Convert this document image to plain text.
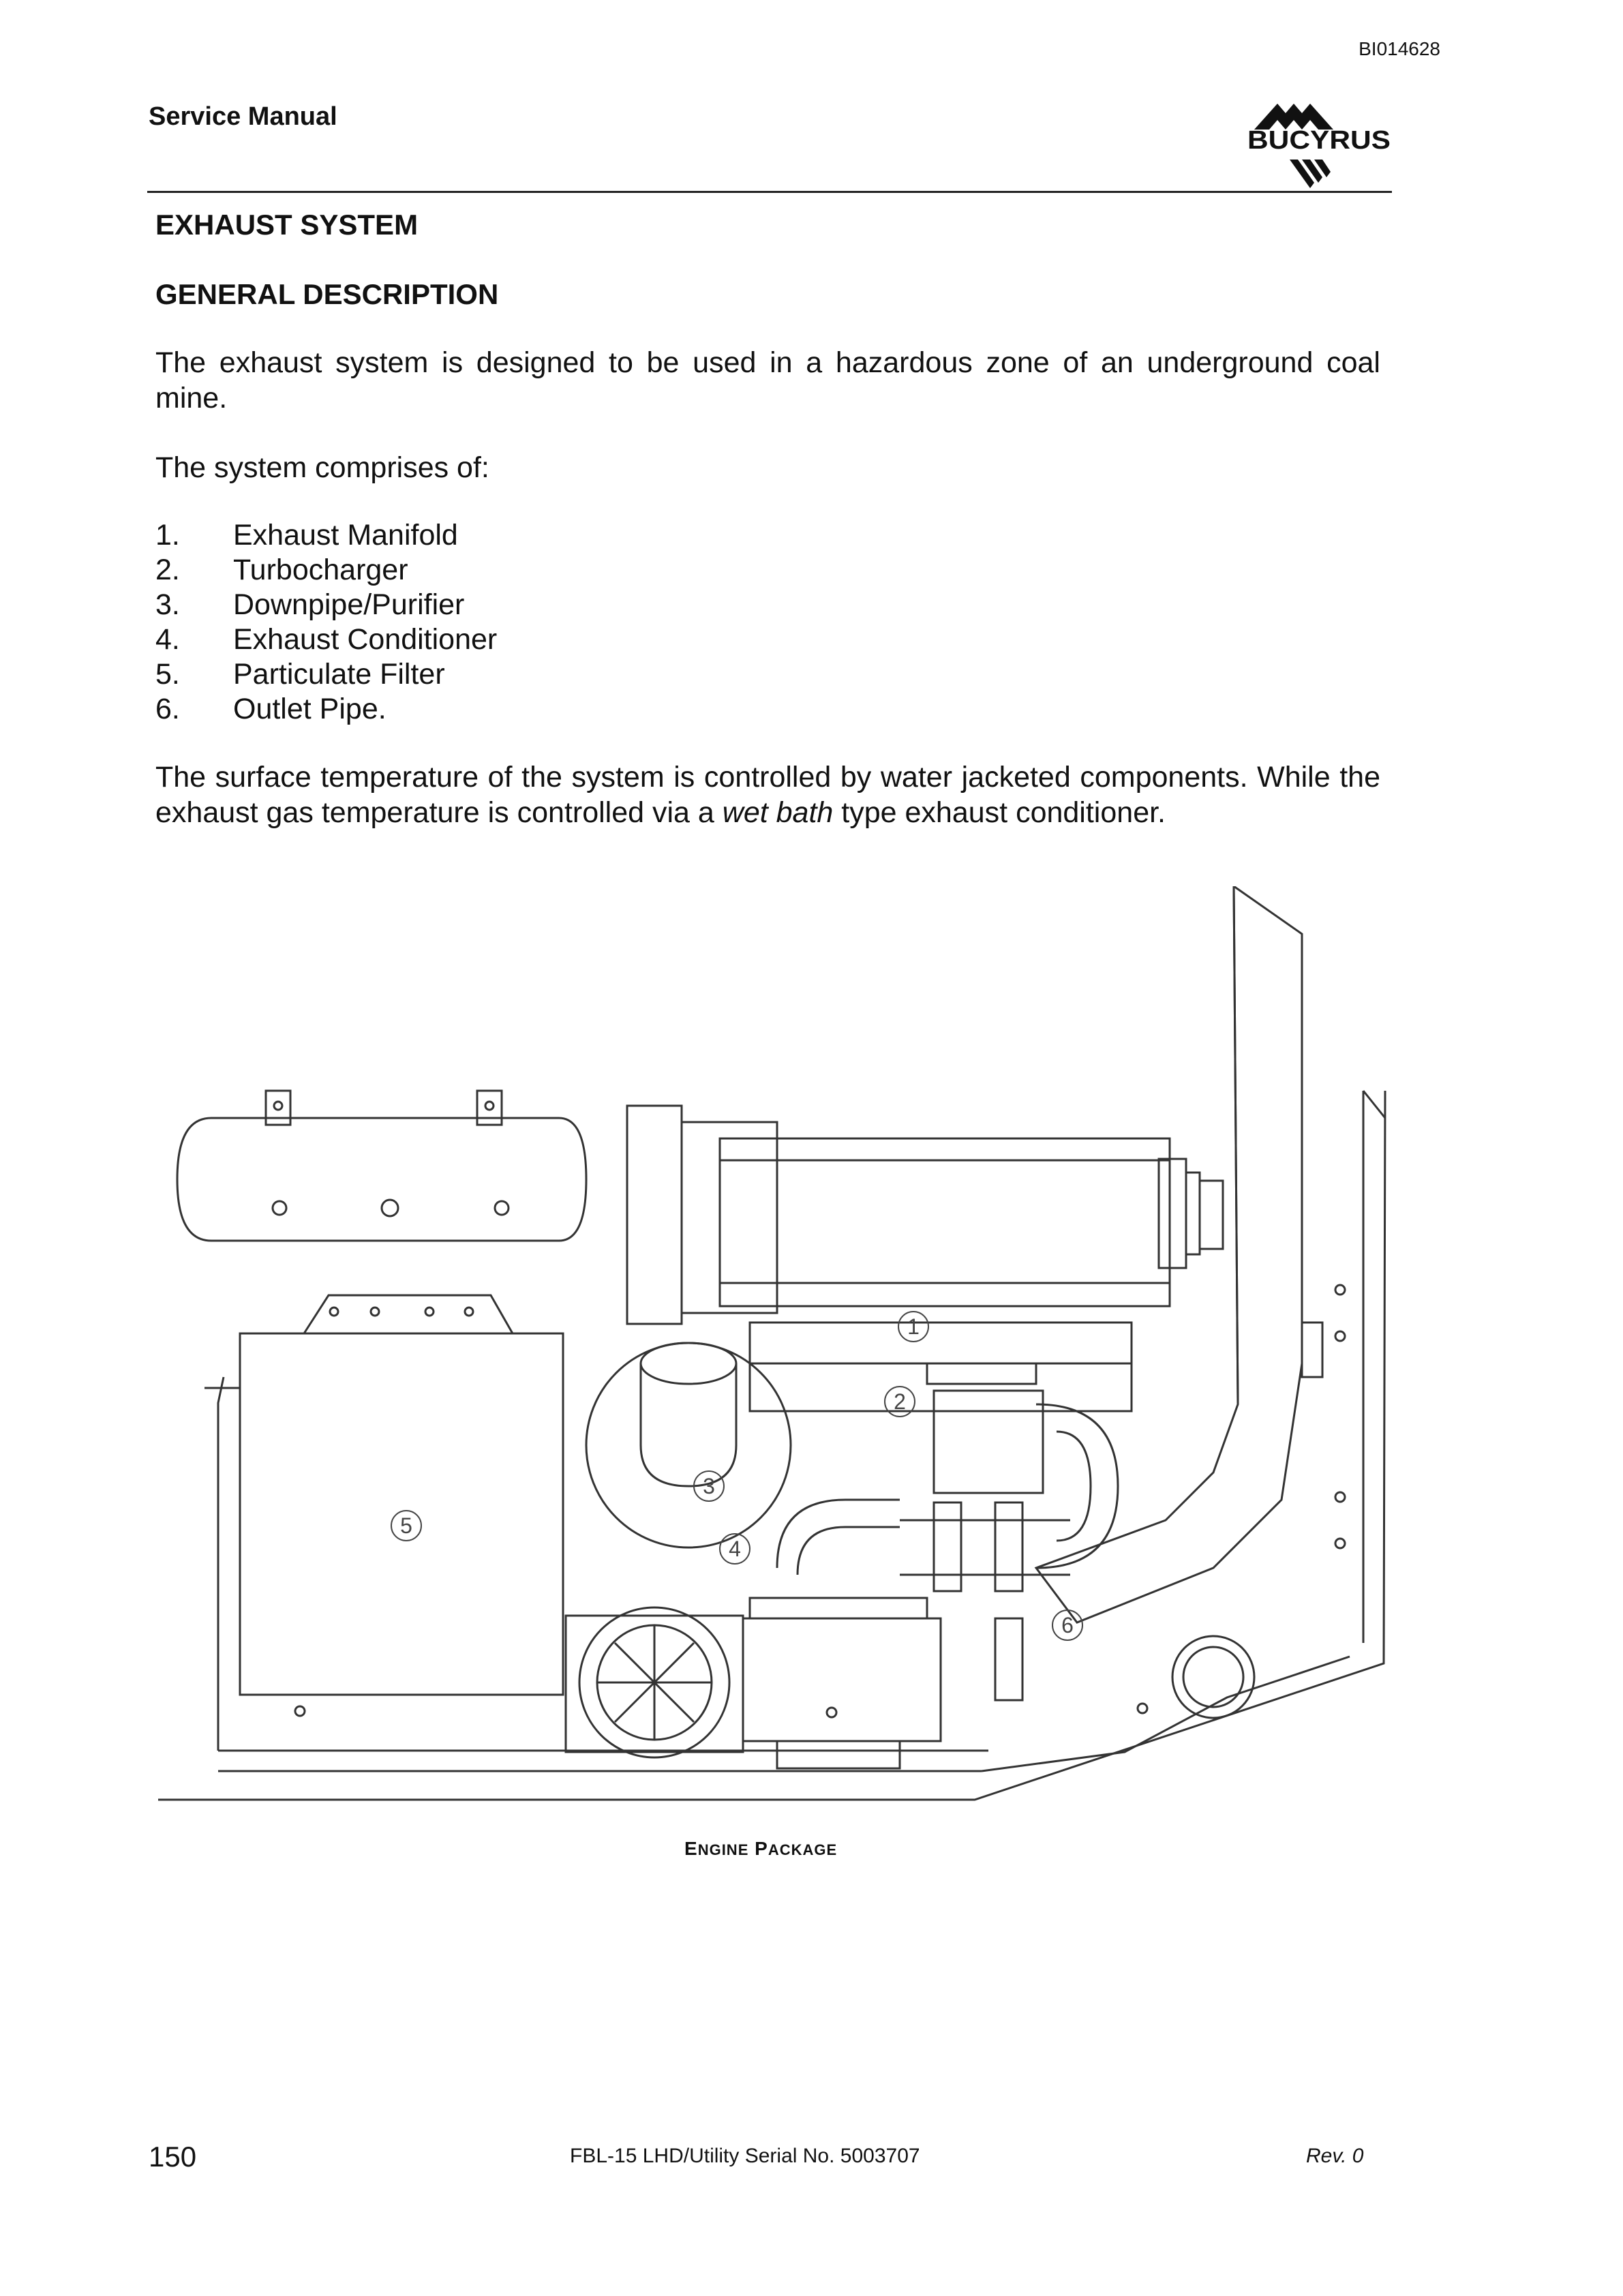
BI014628
Service Manual
BUCYRUS
EXHAUST SYSTEM
GENERAL DESCRIPTION
The exhaust system is designed to be used in a hazardous zone of an underground coal mine.
The system comprises of:
1.	Exhaust Manifold
2.	Turbocharger
3.	Downpipe/Purifier
4.	Exhaust Conditioner
5.	Particulate Filter
6.	Outlet Pipe.
The surface temperature of the system is controlled by water jacketed components. While the exhaust gas temperature is controlled via a wet bath type exhaust conditioner.
1
2
3
4
5
6
ENGINE PACKAGE
150	FBL-15 LHD/Utility Serial No. 5003707	Rev. 0
